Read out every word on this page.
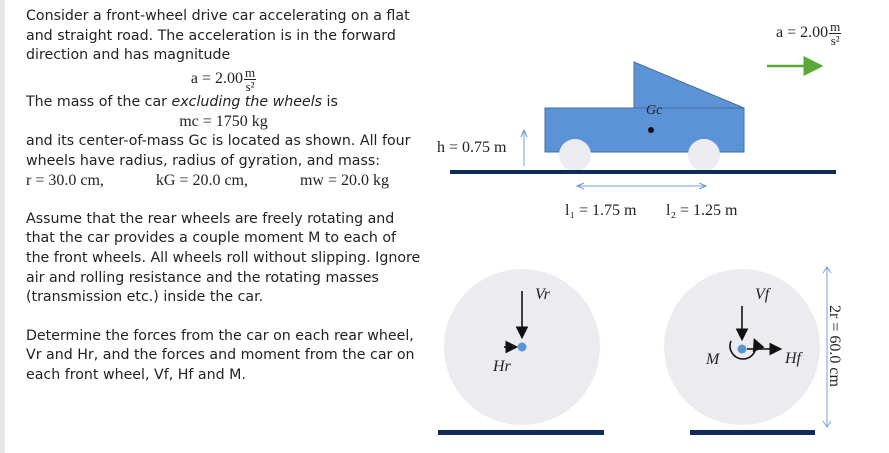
Consider a front-wheel drive car accelerating on a flat and straight road. The acceleration is in the forward direction and has magnitude

$a = 2.00 \frac{m}{\text{s²}}$

The mass of the car excluding the wheels is

mc = 1750 kg

and its center-of-mass Gc is located as shown. All four wheels have radius, radius of gyration, and mass:

r = 30.0 cm,	kG = 20.0 cm,	mw = 20.0 kg

Assume that the rear wheels are freely rotating and that the car provides a couple moment M to each of the front wheels. All wheels roll without slipping. Ignore air and rolling resistance and the rotating masses (transmission etc.) inside the car.

Determine the forces from the car on each rear wheel, Vr and Hr, and the forces and moment from the car on each front wheel, Vf, Hf and M.

$a = 2.00 \frac{m}{\text{s²}}$
h = 0.75 m
Gc
l₁ = 1.75 m l₂ = 1.25 m
Vr
Hr
Vf
Hf
M	2r = 60.0 cm
